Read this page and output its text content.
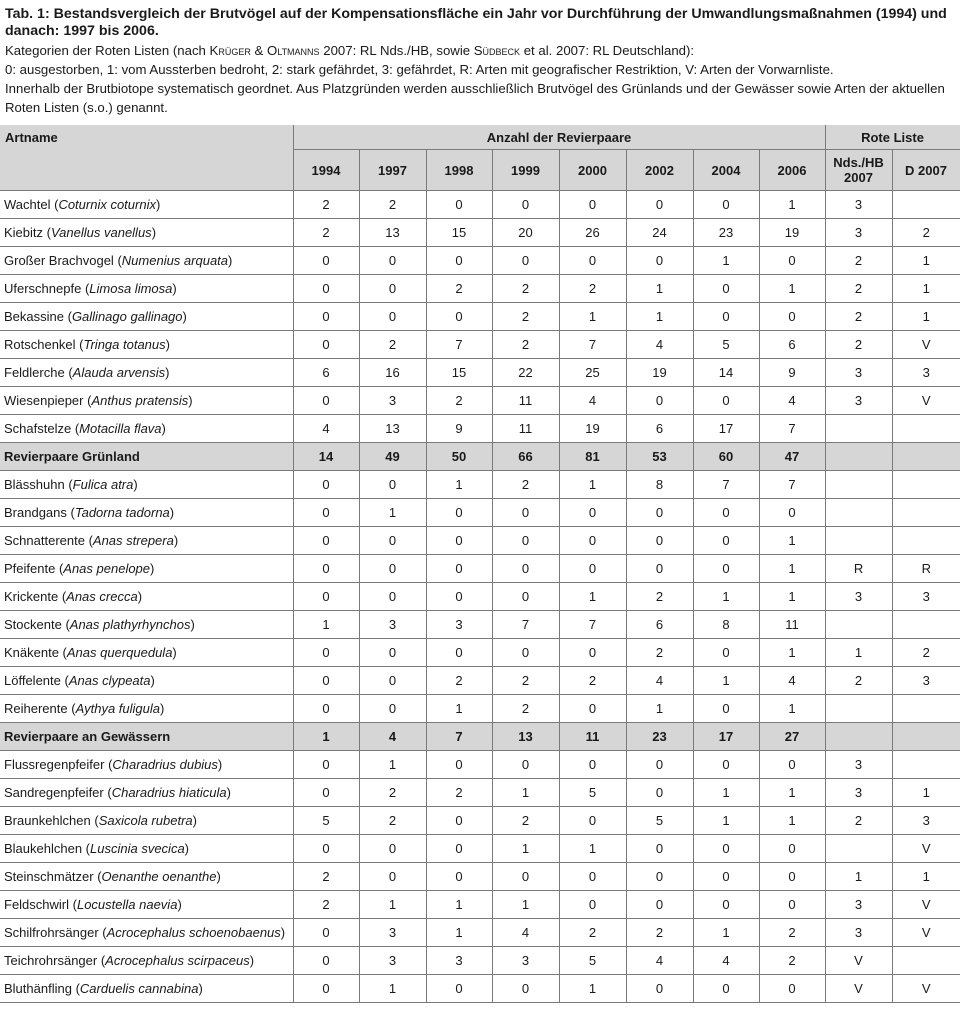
Tab. 1: Bestandsvergleich der Brutvögel auf der Kompensationsfläche ein Jahr vor Durchführung der Umwandlungsmaßnahmen (1994) und danach: 1997 bis 2006.
Kategorien der Roten Listen (nach Krüger & Oltmanns 2007: RL Nds./HB, sowie Südbeck et al. 2007: RL Deutschland):
0: ausgestorben, 1: vom Aussterben bedroht, 2: stark gefährdet, 3: gefährdet, R: Arten mit geografischer Restriktion, V: Arten der Vorwarnliste.
Innerhalb der Brutbiotope systematisch geordnet. Aus Platzgründen werden ausschließlich Brutvögel des Grünlands und der Gewässer sowie Arten der aktuellen Roten Listen (s.o.) genannt.
Artname	Anzahl der Revierpaare								Rote Liste	
	1994	1997	1998	1999	2000	2002	2004	2006	Nds./HB 2007	D 2007
Wachtel (Coturnix coturnix)	2	2	0	0	0	0	0	1	3	
Kiebitz (Vanellus vanellus)	2	13	15	20	26	24	23	19	3	2
Großer Brachvogel (Numenius arquata)	0	0	0	0	0	0	1	0	2	1
Uferschnepfe (Limosa limosa)	0	0	2	2	2	1	0	1	2	1
Bekassine (Gallinago gallinago)	0	0	0	2	1	1	0	0	2	1
Rotschenkel (Tringa totanus)	0	2	7	2	7	4	5	6	2	V
Feldlerche (Alauda arvensis)	6	16	15	22	25	19	14	9	3	3
Wiesenpieper (Anthus pratensis)	0	3	2	11	4	0	0	4	3	V
Schafstelze (Motacilla flava)	4	13	9	11	19	6	17	7		
Revierpaare Grünland	14	49	50	66	81	53	60	47		
Blässhuhn (Fulica atra)	0	0	1	2	1	8	7	7		
Brandgans (Tadorna tadorna)	0	1	0	0	0	0	0	0		
Schnatterente (Anas strepera)	0	0	0	0	0	0	0	1		
Pfeifente (Anas penelope)	0	0	0	0	0	0	0	1	R	R
Krickente (Anas crecca)	0	0	0	0	1	2	1	1	3	3
Stockente (Anas plathyrhynchos)	1	3	3	7	7	6	8	11		
Knäkente (Anas querquedula)	0	0	0	0	0	2	0	1	1	2
Löffelente (Anas clypeata)	0	0	2	2	2	4	1	4	2	3
Reiherente (Aythya fuligula)	0	0	1	2	0	1	0	1		
Revierpaare an Gewässern	1	4	7	13	11	23	17	27		
Flussregenpfeifer (Charadrius dubius)	0	1	0	0	0	0	0	0	3	
Sandregenpfeifer (Charadrius hiaticula)	0	2	2	1	5	0	1	1	3	1
Braunkehlchen (Saxicola rubetra)	5	2	0	2	0	5	1	1	2	3
Blaukehlchen (Luscinia svecica)	0	0	0	1	1	0	0	0		V
Steinschmätzer (Oenanthe oenanthe)	2	0	0	0	0	0	0	0	1	1
Feldschwirl (Locustella naevia)	2	1	1	1	0	0	0	0	3	V
Schilfrohrsänger (Acrocephalus schoenobaenus)	0	3	1	4	2	2	1	2	3	V
Teichrohrsänger (Acrocephalus scirpaceus)	0	3	3	3	5	4	4	2	V	
Bluthänfling (Carduelis cannabina)	0	1	0	0	1	0	0	0	V	V
